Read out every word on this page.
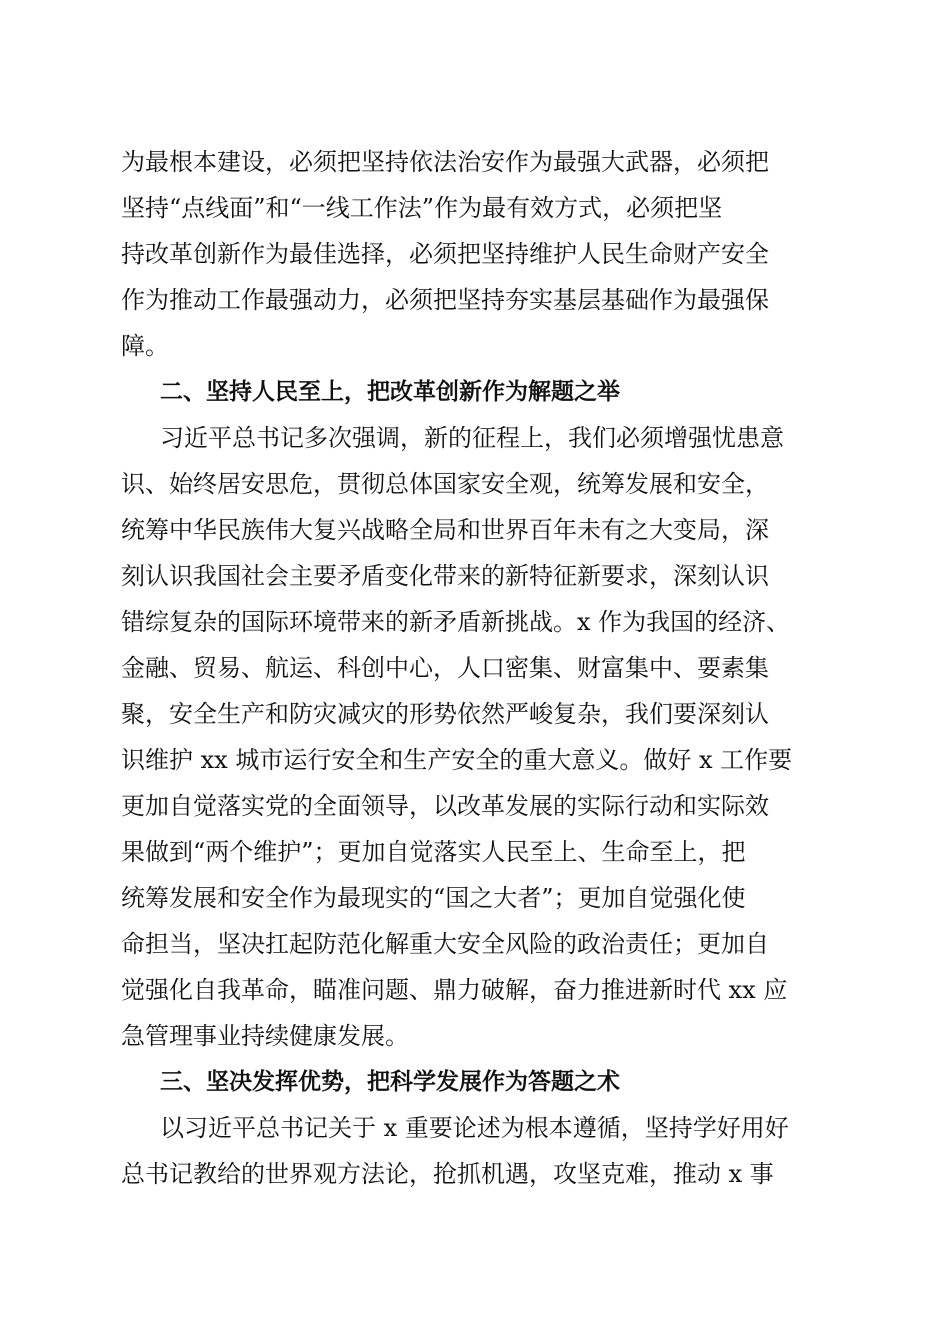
为最根本建设，必须把坚持依法治安作为最强大武器，必须把
坚持“点线面”和“一线工作法”作为最有效方式，必须把坚
持改革创新作为最佳选择，必须把坚持维护人民生命财产安全
作为推动工作最强动力，必须把坚持夯实基层基础作为最强保
障。
二、坚持人民至上，把改革创新作为解题之举
习近平总书记多次强调，新的征程上，我们必须增强忧患意
识、始终居安思危，贯彻总体国家安全观，统筹发展和安全，
统筹中华民族伟大复兴战略全局和世界百年未有之大变局，深
刻认识我国社会主要矛盾变化带来的新特征新要求，深刻认识
错综复杂的国际环境带来的新矛盾新挑战。x 作为我国的经济、
金融、贸易、航运、科创中心，人口密集、财富集中、要素集
聚，安全生产和防灾减灾的形势依然严峻复杂，我们要深刻认
识维护 xx 城市运行安全和生产安全的重大意义。做好 x 工作要
更加自觉落实党的全面领导，以改革发展的实际行动和实际效
果做到“两个维护”；更加自觉落实人民至上、生命至上，把
统筹发展和安全作为最现实的“国之大者”；更加自觉强化使
命担当，坚决扛起防范化解重大安全风险的政治责任；更加自
觉强化自我革命，瞄准问题、鼎力破解，奋力推进新时代 xx 应
急管理事业持续健康发展。
三、坚决发挥优势，把科学发展作为答题之术
以习近平总书记关于 x 重要论述为根本遵循，坚持学好用好
总书记教给的世界观方法论，抢抓机遇，攻坚克难，推动 x 事
